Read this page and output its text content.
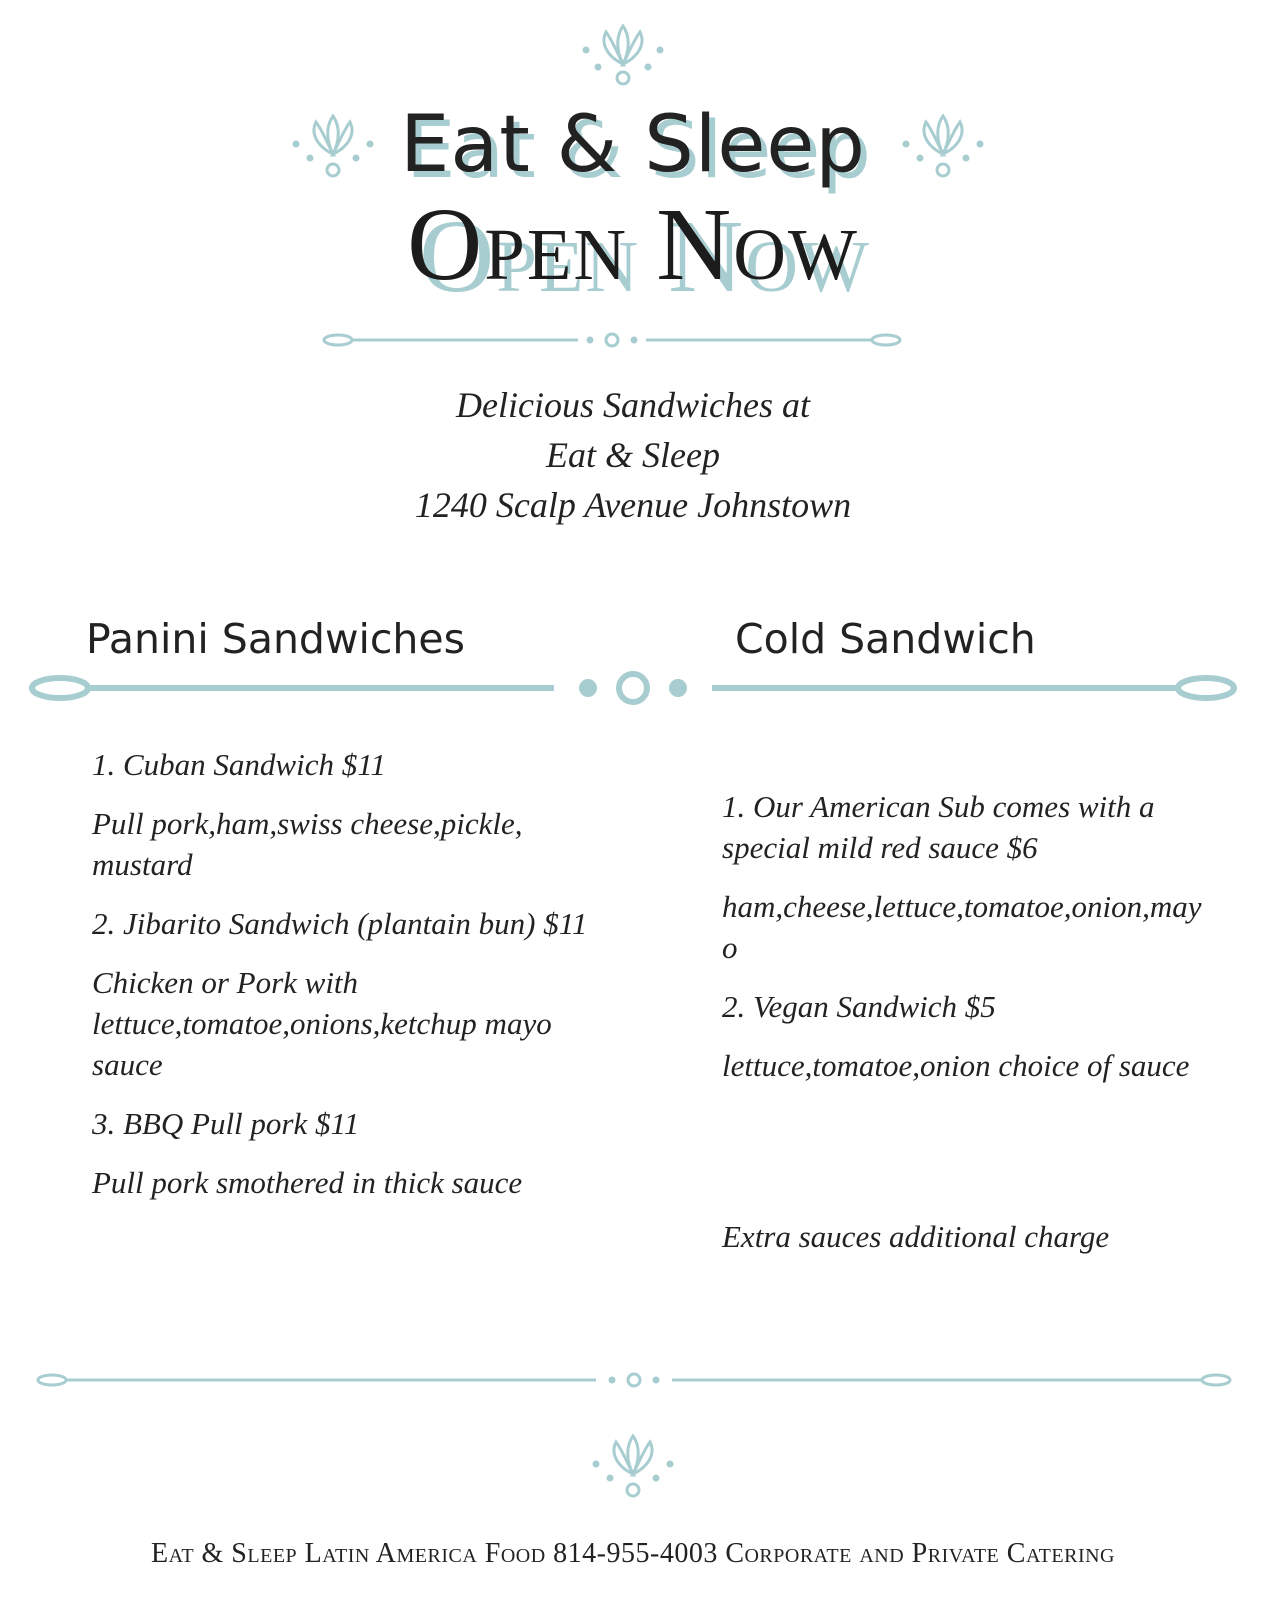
Eat & Sleep
Open Now
Delicious Sandwiches at
Eat & Sleep
1240 Scalp Avenue Johnstown
Panini Sandwiches	Cold Sandwich

1. Cuban Sandwich $11

Pull pork,ham,swiss cheese,pickle, mustard

2. Jibarito Sandwich (plantain bun) $11

Chicken or Pork with lettuce,tomatoe,onions,ketchup mayo sauce

3. BBQ Pull pork $11

Pull pork smothered in thick sauce

1. Our American Sub comes with a special mild red sauce $6

ham,cheese,lettuce,tomatoe,onion,mayo

2. Vegan Sandwich $5

lettuce,tomatoe,onion choice of sauce

Extra sauces additional charge
Eat & Sleep Latin America Food 814-955-4003 Corporate and Private Catering
